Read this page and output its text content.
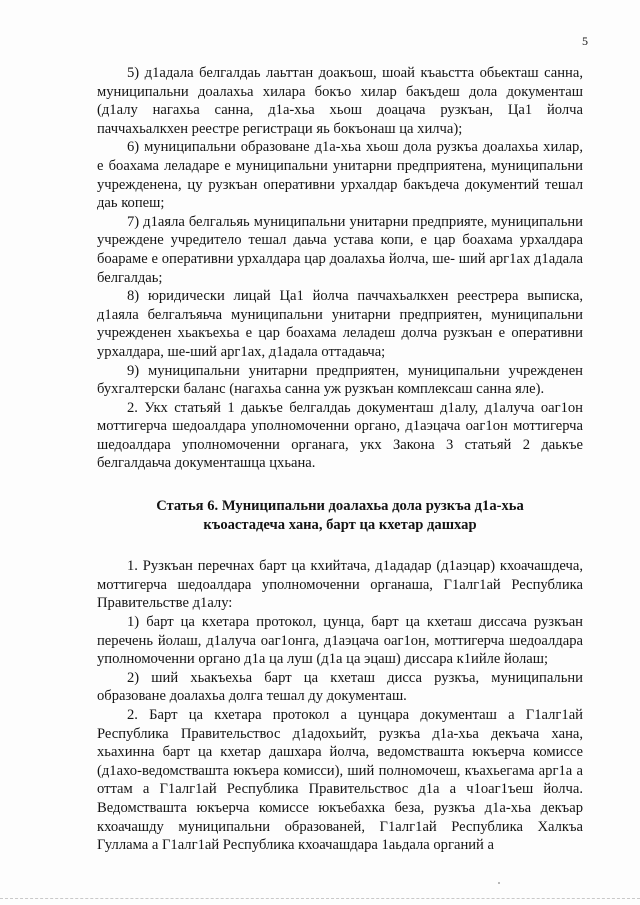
5

5) д1адала белгалдаь лаьттан доакъош, шоай къаьстта обьекташ санна, муниципальни доалахьа хилара бокъо хилар бакъдеш дола документаш (д1алу нагахьа санна, д1а-хьа хьош доацача рузкъан, Ца1 йолча паччахьалкхен реестре регистраци яь бокъонаш ца хилча);

6) муниципальни образоване д1а-хьа хьош дола рузкъа доалахьа хилар, е боахама леладаре е муниципальни унитарни предприятена, муниципальни учрежденена, цу рузкъан оперативни урхалдар бакъдеча документий тешал даь копеш;

7) д1аяла белгальяь муниципальни унитарни предприяте, муниципальни учреждене учредитело тешал даьча устава копи, е цар боахама урхалдара боараме е оперативни урхалдара цар доалахьа йолча, ше- ший арг1ах д1адала белгалдаь;

8) юридически лицай Ца1 йолча паччахьалкхен реестрера выписка, д1аяла белгалъяьча муниципальни унитарни предприятен, муниципальни учрежденен хьакъехьа е цар боахама леладеш долча рузкъан е оперативни урхалдара, ше-ший арг1ах, д1адала оттадаьча;

9) муниципальни унитарни предприятен, муниципальни учрежденен бухгалтерски баланс (нагахьа санна уж рузкъан комплексаш санна яле).

2. Укх статьяй 1 даькъе белгалдаь документаш д1алу, д1алуча оаг1он моттигерча шедоалдара уполномоченни органо, д1аэцача оаг1он моттигерча шедоалдара уполномоченни органага, укх Закона 3 статьяй 2 даькъе белгалдаьча документашца цхьана.

Статья 6. Муниципальни доалахьа дола рузкъа д1а-хьа
къоастадеча хана, барт ца кхетар дашхар

1. Рузкъан перечнах барт ца кхийтача, д1ададар (д1аэцар) кхоачашдеча, моттигерча шедоалдара уполномоченни органаша, Г1алг1ай Республика Правительстве д1алу:

1) барт ца кхетара протокол, цунца, барт ца кхеташ диссача рузкъан перечень йолаш, д1алуча оаг1онга, д1аэцача оаг1он, моттигерча шедоалдара уполномоченни органо д1а ца луш (д1а ца эцаш) диссара к1ийле йолаш;

2) ший хьакъехьа барт ца кхеташ дисса рузкъа, муниципальни образоване доалахьа долга тешал ду документаш.

2. Барт ца кхетара протокол а цунцара документаш а Г1алг1ай Республика Правительствос д1адохьийт, рузкъа д1а-хьа декъача хана, хьахинна барт ца кхетар дашхара йолча, ведомствашта юкъерча комиссе (д1ахо-ведомствашта юкъера комисси), ший полномочеш, къахьегама арг1а а оттам а Г1алг1ай Республика Правительствос д1а а ч1оаг1ъеш йолча. Ведомствашта юкъерча комиссе юкъебахка беза, рузкъа д1а-хьа декъар кхоачашду муниципальни образованей, Г1алг1ай Республика Халкъа Гуллама а Г1алг1ай Республика кхоачашдара 1аьдала органий а
